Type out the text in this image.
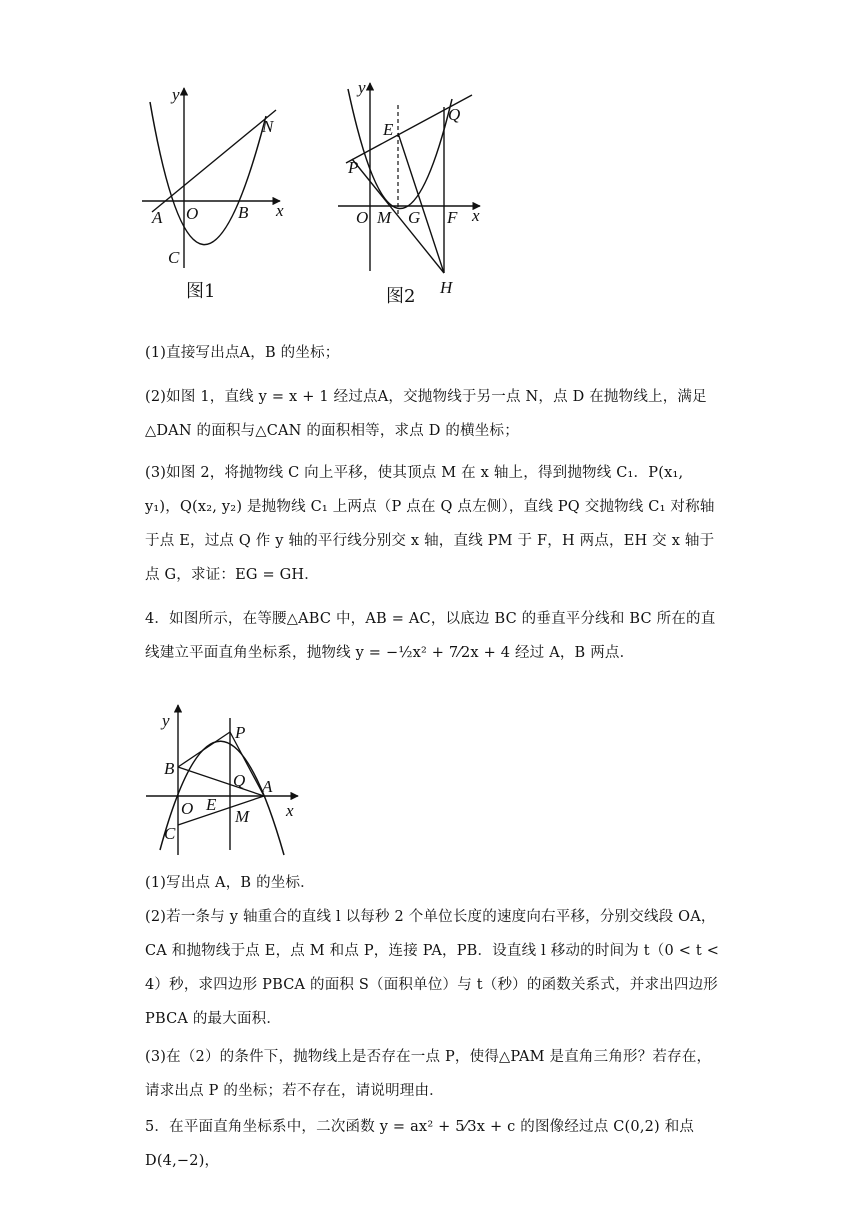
y
x
A O B
C
N
图1
y
x
E
Q
P
O M G F
H
图2
(1)直接写出点A，B 的坐标；
(2)如图 1，直线 y = x + 1 经过点A，交抛物线于另一点 N，点 D 在抛物线上，满足△DAN 的面积与△CAN 的面积相等，求点 D 的横坐标；
(3)如图 2，将抛物线 C 向上平移，使其顶点 M 在 x 轴上，得到抛物线 C₁．P(x₁, y₁)，Q(x₂, y₂) 是抛物线 C₁ 上两点（P 点在 Q 点左侧），直线 PQ 交抛物线 C₁ 对称轴于点 E，过点 Q 作 y 轴的平行线分别交 x 轴，直线 PM 于 F，H 两点，EH 交 x 轴于点 G，求证：EG = GH．
4．如图所示，在等腰△ABC 中，AB = AC，以底边 BC 的垂直平分线和 BC 所在的直线建立平面直角坐标系，抛物线 y = −½x² + 7⁄2x + 4 经过 A，B 两点．
y
x
P
B
Q A
O E
M
C
(1)写出点 A，B 的坐标．
(2)若一条与 y 轴重合的直线 l 以每秒 2 个单位长度的速度向右平移，分别交线段 OA，CA 和抛物线于点 E，点 M 和点 P，连接 PA，PB．设直线 l 移动的时间为 t（0 < t < 4）秒，求四边形 PBCA 的面积 S（面积单位）与 t（秒）的函数关系式，并求出四边形 PBCA 的最大面积．
(3)在（2）的条件下，抛物线上是否存在一点 P，使得△PAM 是直角三角形？若存在，请求出点 P 的坐标；若不存在，请说明理由．
5．在平面直角坐标系中，二次函数 y = ax² + 5⁄3x + c 的图像经过点 C(0,2) 和点 D(4,−2)，
